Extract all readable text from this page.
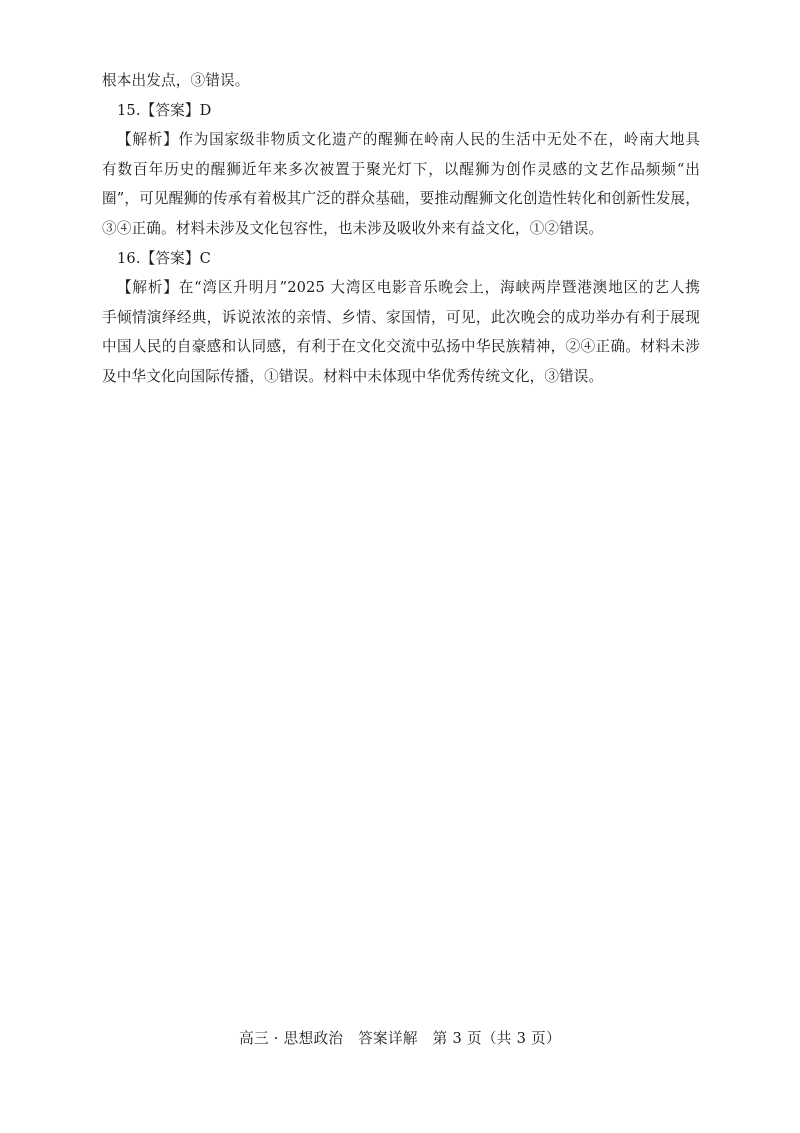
根本出发点，③错误。
15.【答案】D
【解析】作为国家级非物质文化遗产的醒狮在岭南人民的生活中无处不在，岭南大地具
有数百年历史的醒狮近年来多次被置于聚光灯下，以醒狮为创作灵感的文艺作品频频“出
圈”，可见醒狮的传承有着极其广泛的群众基础，要推动醒狮文化创造性转化和创新性发展，
③④正确。材料未涉及文化包容性，也未涉及吸收外来有益文化，①②错误。
16.【答案】C
【解析】在“湾区升明月”2025 大湾区电影音乐晚会上，海峡两岸暨港澳地区的艺人携
手倾情演绎经典，诉说浓浓的亲情、乡情、家国情，可见，此次晚会的成功举办有利于展现
中国人民的自豪感和认同感，有利于在文化交流中弘扬中华民族精神，②④正确。材料未涉
及中华文化向国际传播，①错误。材料中未体现中华优秀传统文化，③错误。
高三 · 思想政治　答案详解　第 3 页（共 3 页）
